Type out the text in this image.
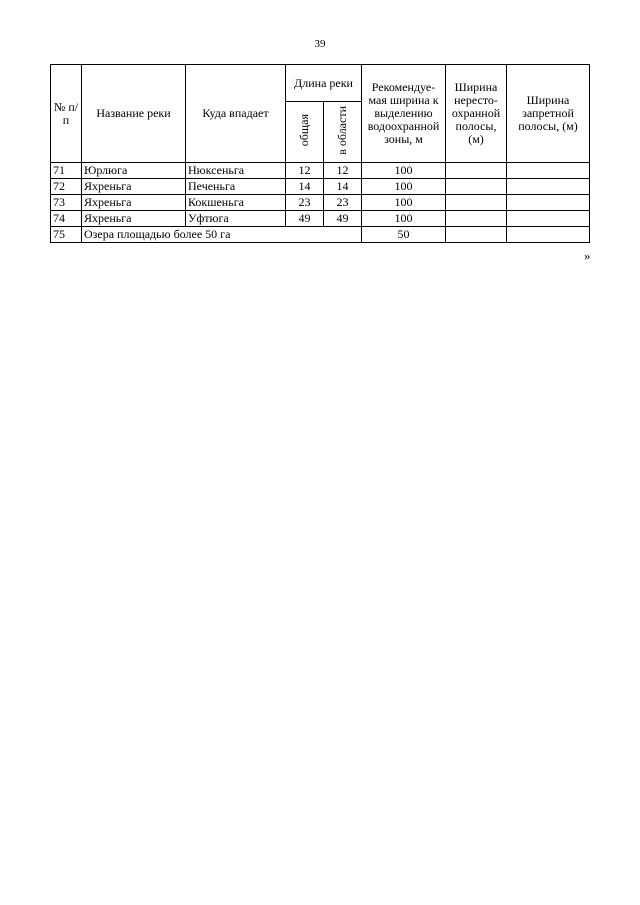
39
№ п/п	Название реки	Куда впадает	Длина реки		Рекомендуе-мая ширина к выделению водоохранной зоны, м	Ширина нересто-охранной полосы, (м)	Ширина запретной полосы, (м)
			общая	в области			
71	Юрлюга	Нюксеньга	12	12	100		
72	Яхреньга	Печеньга	14	14	100		
73	Яхреньга	Кокшеньга	23	23	100		
74	Яхреньга	Уфтюга	49	49	100		
75	Озера площадью более 50 га				50		
»
